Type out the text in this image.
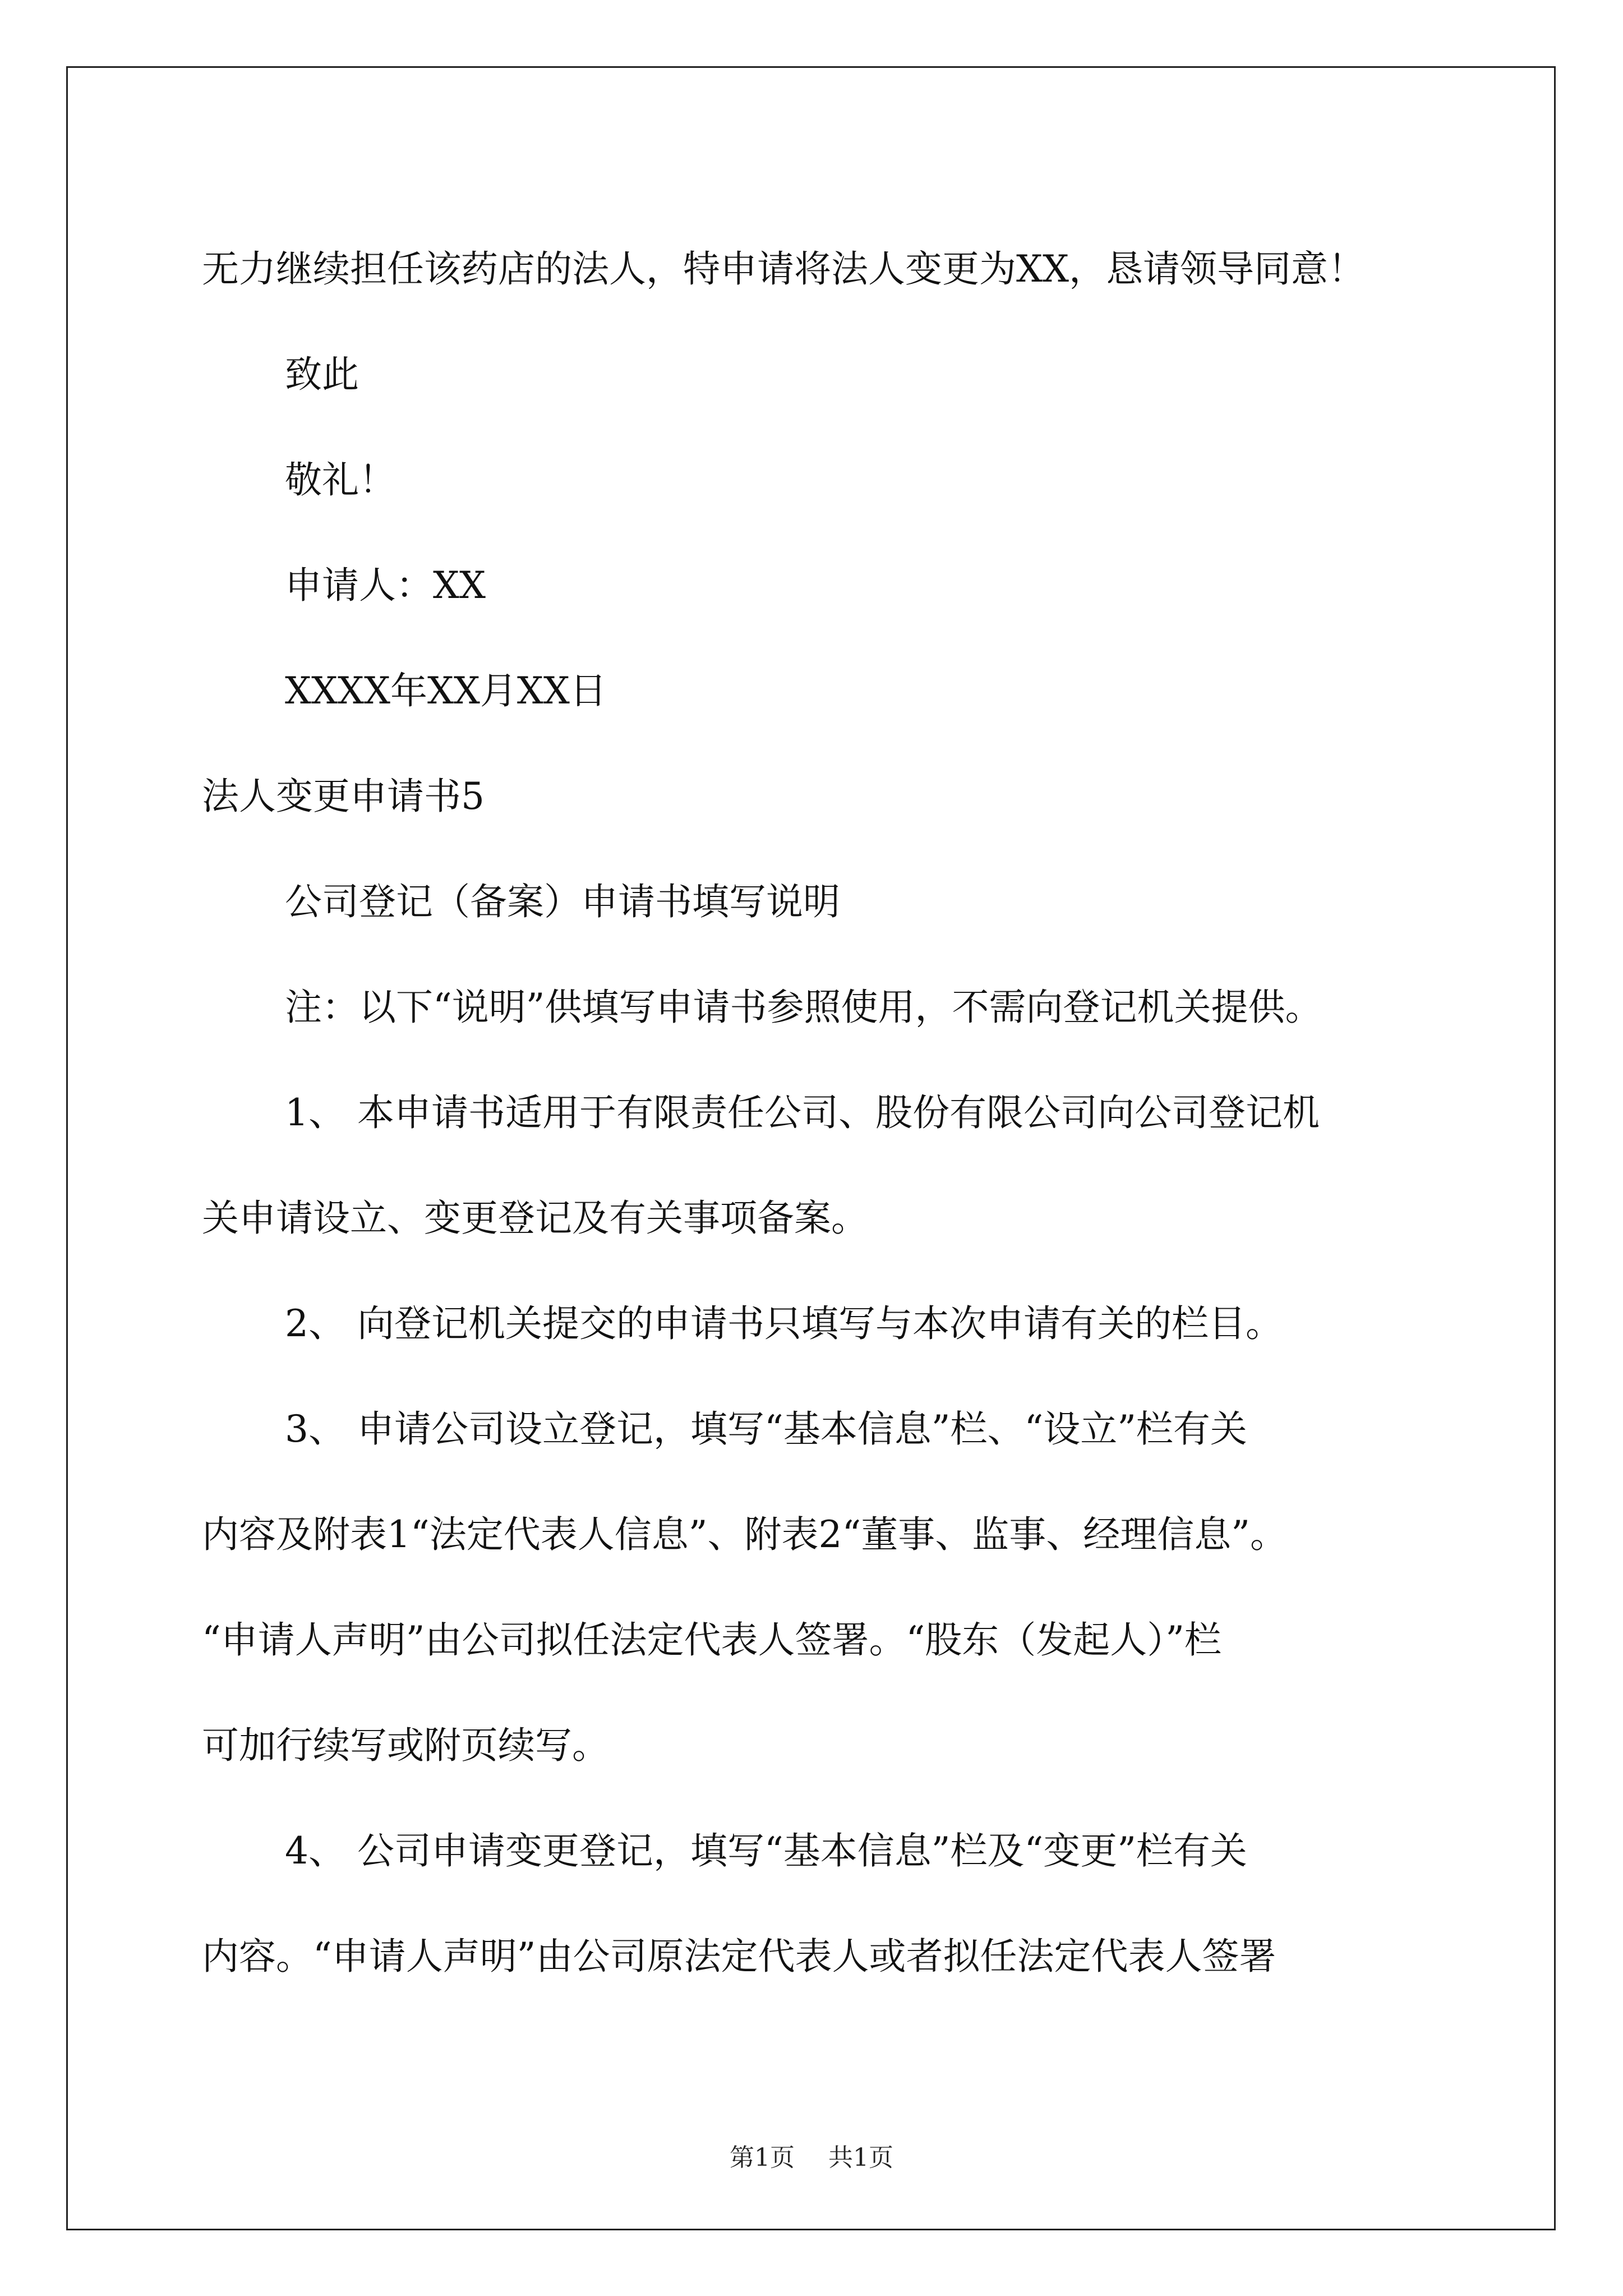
无力继续担任该药店的法人，特申请将法人变更为XX，恳请领导同意！
致此
敬礼！
申请人：XX
XXXX年XX月XX日
法人变更申请书5
公司登记（备案）申请书填写说明
注：以下“说明”供填写申请书参照使用，不需向登记机关提供。
1、 本申请书适用于有限责任公司、股份有限公司向公司登记机
关申请设立、变更登记及有关事项备案。
2、 向登记机关提交的申请书只填写与本次申请有关的栏目。
3、 申请公司设立登记，填写“基本信息”栏、“设立”栏有关
内容及附表1“法定代表人信息”、附表2“董事、监事、经理信息”。
“申请人声明”由公司拟任法定代表人签署。“股东（发起人）”栏
可加行续写或附页续写。
4、 公司申请变更登记，填写“基本信息”栏及“变更”栏有关
内容。“申请人声明”由公司原法定代表人或者拟任法定代表人签署
第1页 共1页
